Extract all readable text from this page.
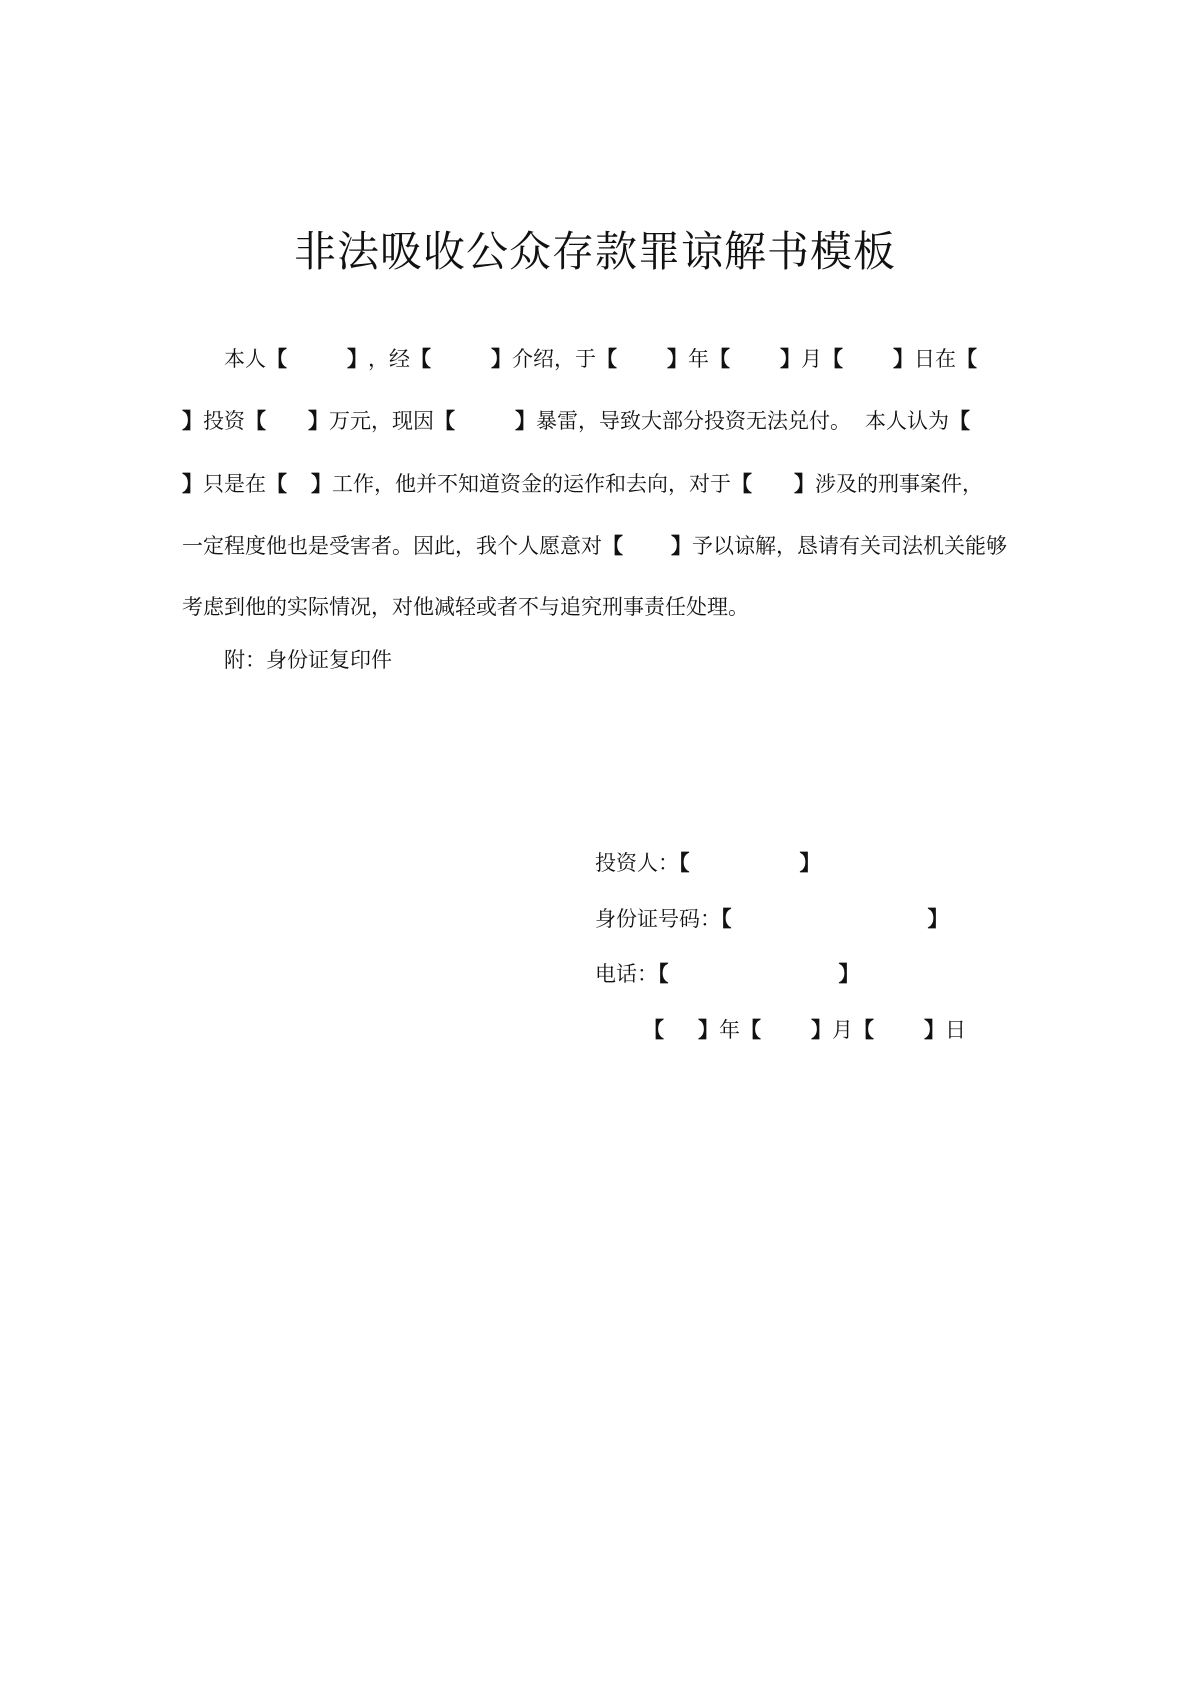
非法吸收公众存款罪谅解书模板
本人 【	】 ，经 【	】 介绍，于 【 】 年 【 】 月 【 】 日在 【
】 投资 【 】 万元，现因 【	】 暴雷，导致大部分投资无法兑付。 本人认为 【
】 只是在 【 】 工作，他并不知道资金的运作和去向，对于 【 】 涉及的刑事案件，
一定程度他也是受害者。因此，我个人愿意对 【 】 予以谅解，恳请有关司法机关能够
考虑到他的实际情况，对他减轻或者不与追究刑事责任处理。
附：身份证复印件
投资人：【	】
身份证号码：【	】
电话：【	】
【 】年【 】月【 】日
